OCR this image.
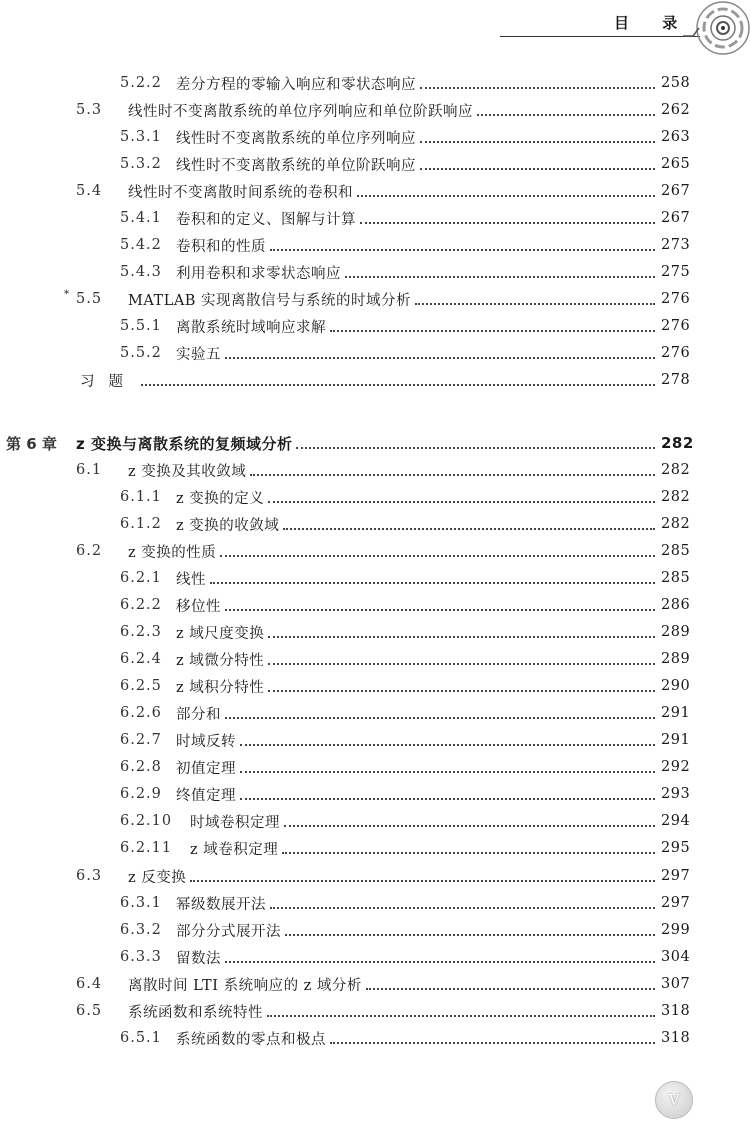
目 录
5.2.2 差分方程的零输入响应和零状态响应	258
5.3	线性时不变离散系统的单位序列响应和单位阶跃响应	262
5.3.1 线性时不变离散系统的单位序列响应	263
5.3.2 线性时不变离散系统的单位阶跃响应	265
5.4	线性时不变离散时间系统的卷积和	267
5.4.1 卷积和的定义、图解与计算	267
5.4.2 卷积和的性质	273
5.4.3 利用卷积和求零状态响应	275
* 5.5	MATLAB 实现离散信号与系统的时域分析	276
5.5.1 离散系统时域响应求解	276
5.5.2 实验五	276
习题	278
第 6 章	z 变换与离散系统的复频域分析	282
6.1	z 变换及其收敛域	282
6.1.1 z 变换的定义	282
6.1.2 z 变换的收敛域	282
6.2	z 变换的性质	285
6.2.1 线性	285
6.2.2 移位性	286
6.2.3 z 域尺度变换	289
6.2.4 z 域微分特性	289
6.2.5 z 域积分特性	290
6.2.6 部分和	291
6.2.7 时域反转	291
6.2.8 初值定理	292
6.2.9 终值定理	293
6.2.10	时域卷积定理	294
6.2.11	z 域卷积定理	295
6.3	z 反变换	297
6.3.1 幂级数展开法	297
6.3.2 部分分式展开法	299
6.3.3 留数法	304
6.4	离散时间 LTI 系统响应的 z 域分析	307
6.5	系统函数和系统特性	318
6.5.1 系统函数的零点和极点	318
V
